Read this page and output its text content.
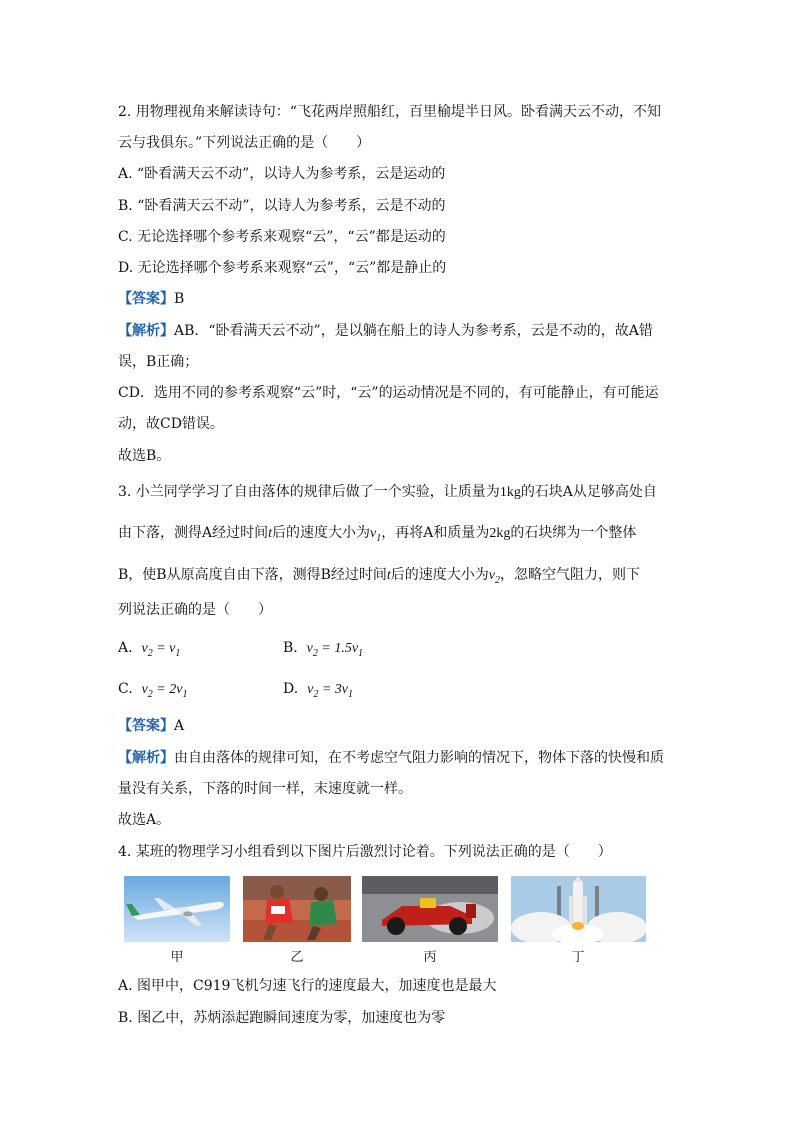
2. 用物理视角来解读诗句：“飞花两岸照船红，百里榆堤半日风。卧看满天云不动，不知
云与我俱东。”下列说法正确的是（　　）
A. “卧看满天云不动”，以诗人为参考系，云是运动的
B. “卧看满天云不动”，以诗人为参考系，云是不动的
C. 无论选择哪个参考系来观察“云”，“云”都是运动的
D. 无论选择哪个参考系来观察“云”，“云”都是静止的
【答案】B
【解析】AB．“卧看满天云不动”，是以躺在船上的诗人为参考系，云是不动的，故A错
误，B正确；
CD．选用不同的参考系观察“云”时，“云”的运动情况是不同的，有可能静止，有可能运
动，故CD错误。
故选B。
3. 小兰同学学习了自由落体的规律后做了一个实验，让质量为1kg的石块A从足够高处自
由下落，测得A经过时间t后的速度大小为$v_1$，再将A和质量为2kg的石块绑为一个整体
B，使B从原高度自由下落，测得B经过时间t后的速度大小为$v_2$，忽略空气阻力，则下
列说法正确的是（　　）
A. $v_2 = v_1$	B. $v_2 = 1.5v_1$
C. $v_2 = 2v_1$	D. $v_2 = 3v_1$
【答案】A
【解析】由自由落体的规律可知，在不考虑空气阻力影响的情况下，物体下落的快慢和质
量没有关系，下落的时间一样，末速度就一样。
故选A。
4. 某班的物理学习小组看到以下图片后激烈讨论着。下列说法正确的是（　　）
甲	乙	丙	丁
A. 图甲中，C919飞机匀速飞行的速度最大，加速度也是最大
B. 图乙中，苏炳添起跑瞬间速度为零，加速度也为零
